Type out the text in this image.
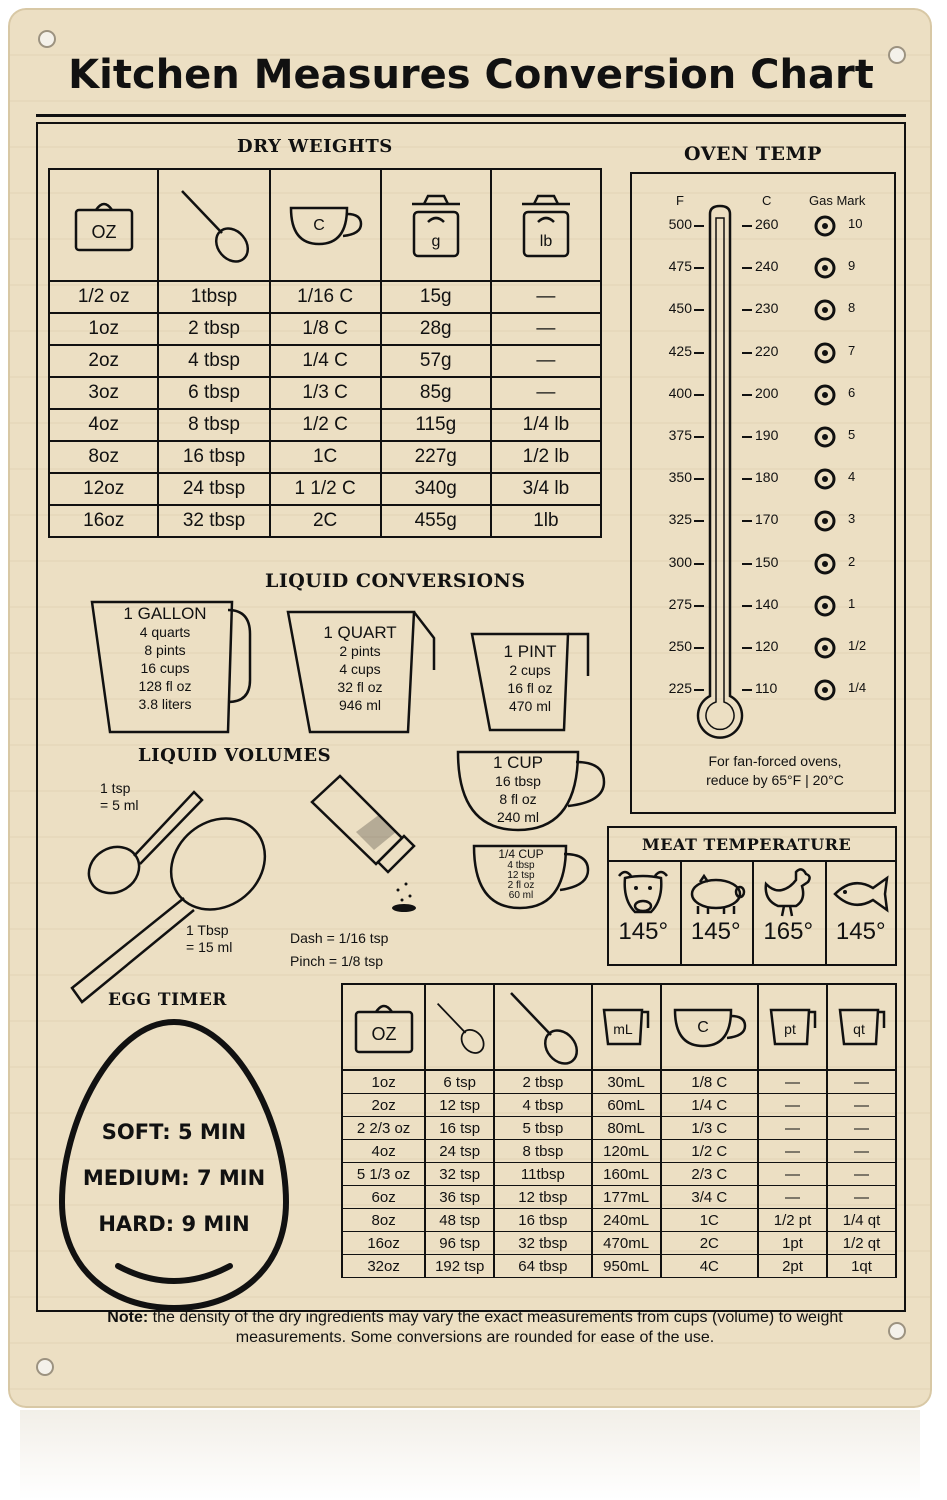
Kitchen Measures Conversion Chart
DRY WEIGHTS
OZ		C	g	lb

1/2 oz	1tbsp	1/16 C	15g	—
1oz	2 tbsp	1/8 C	28g	—
2oz	4 tbsp	1/4 C	57g	—
3oz	6 tbsp	1/3 C	85g	—
4oz	8 tbsp	1/2 C	115g	1/4 lb
8oz	16 tbsp	1C	227g	1/2 lb
12oz	24 tbsp	1 1/2 C	340g	3/4 lb
16oz	32 tbsp	2C	455g	1lb
LIQUID CONVERSIONS
1 GALLON
4 quarts
8 pints
16 cups
128 fl oz
3.8 liters
1 QUART
2 pints
4 cups
32 fl oz
946 ml
1 PINT
2 cups
16 fl oz
470 ml
1 CUP
16 tbsp
8 fl oz
240 ml
1/4 CUP
4 tbsp
12 tsp
2 fl oz
60 ml
LIQUID VOLUMES
1 tsp
= 5 ml
1 Tbsp
= 15 ml
Dash = 1/16 tsp
Pinch = 1/8 tsp
OVEN TEMP
F	C	Gas Mark
500	260	10
475	240	9
450	230	8
425	220	7
400	200	6
375	190	5
350	180	4
325	170	3
300	150	2
275	140	1
250	120	1/2
225	110	1/4
For fan-forced ovens,
reduce by 65°F | 20°C
MEAT TEMPERATURE
145° 145° 165° 145°
EGG TIMER
SOFT: 5 MIN
MEDIUM: 7 MIN
HARD: 9 MIN
OZ			mL	C	pt	qt

1oz	6 tsp	2 tbsp	30mL	1/8 C	—	—
2oz	12 tsp	4 tbsp	60mL	1/4 C	—	—
2 2/3 oz	16 tsp	5 tbsp	80mL	1/3 C	—	—
4oz	24 tsp	8 tbsp	120mL	1/2 C	—	—
5 1/3 oz	32 tsp	11tbsp	160mL	2/3 C	—	—
6oz	36 tsp	12 tbsp	177mL	3/4 C	—	—
8oz	48 tsp	16 tbsp	240mL	1C	1/2 pt	1/4 qt
16oz	96 tsp	32 tbsp	470mL	2C	1pt	1/2 qt
32oz	192 tsp	64 tbsp	950mL	4C	2pt	1qt
Note: the density of the dry ingredients may vary the exact measurements from cups (volume) to weight measurements. Some conversions are rounded for ease of the use.
